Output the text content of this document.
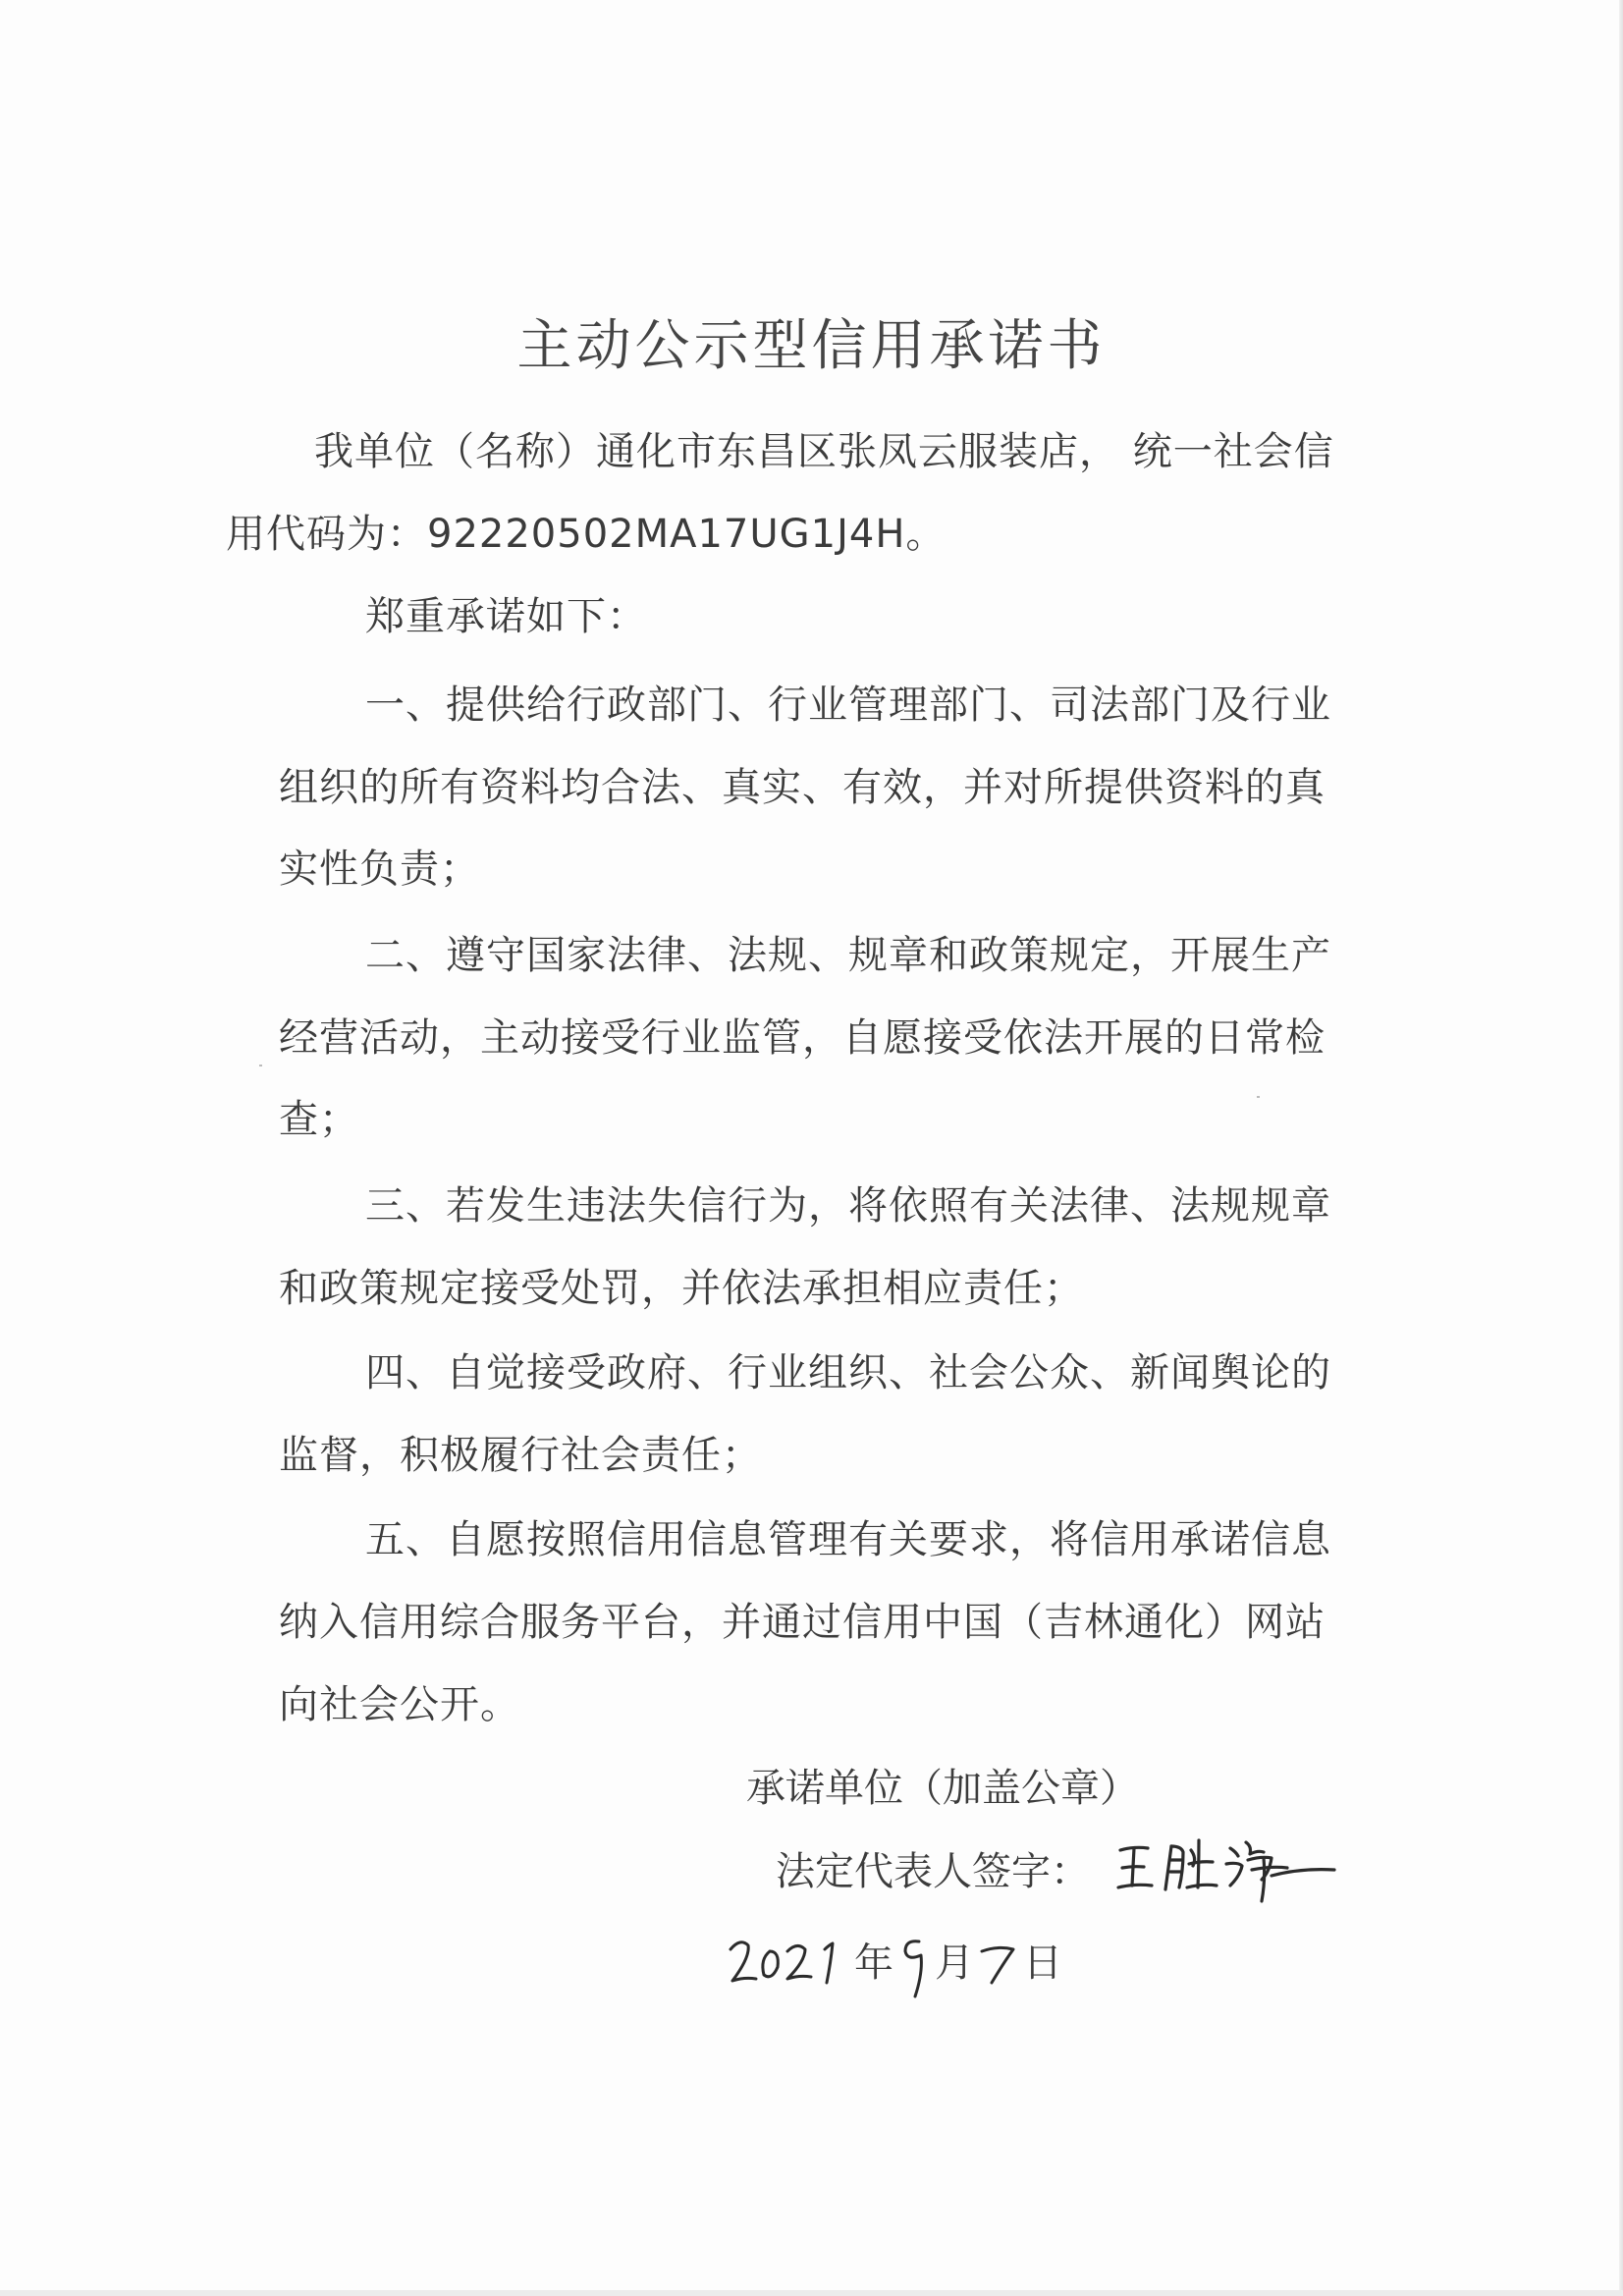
主动公示型信用承诺书
我单位（名称）通化市东昌区张凤云服装店， 统一社会信
用代码为：92220502MA17UG1J4H。
郑重承诺如下：
一、提供给行政部门、行业管理部门、司法部门及行业
组织的所有资料均合法、真实、有效，并对所提供资料的真
实性负责；
二、遵守国家法律、法规、规章和政策规定，开展生产
经营活动，主动接受行业监管，自愿接受依法开展的日常检
查；
三、若发生违法失信行为，将依照有关法律、法规规章
和政策规定接受处罚，并依法承担相应责任；
四、自觉接受政府、行业组织、社会公众、新闻舆论的
监督，积极履行社会责任；
五、自愿按照信用信息管理有关要求，将信用承诺信息
纳入信用综合服务平台，并通过信用中国（吉林通化）网站
向社会公开。
承诺单位（加盖公章）
法定代表人签字：
年 月 日
